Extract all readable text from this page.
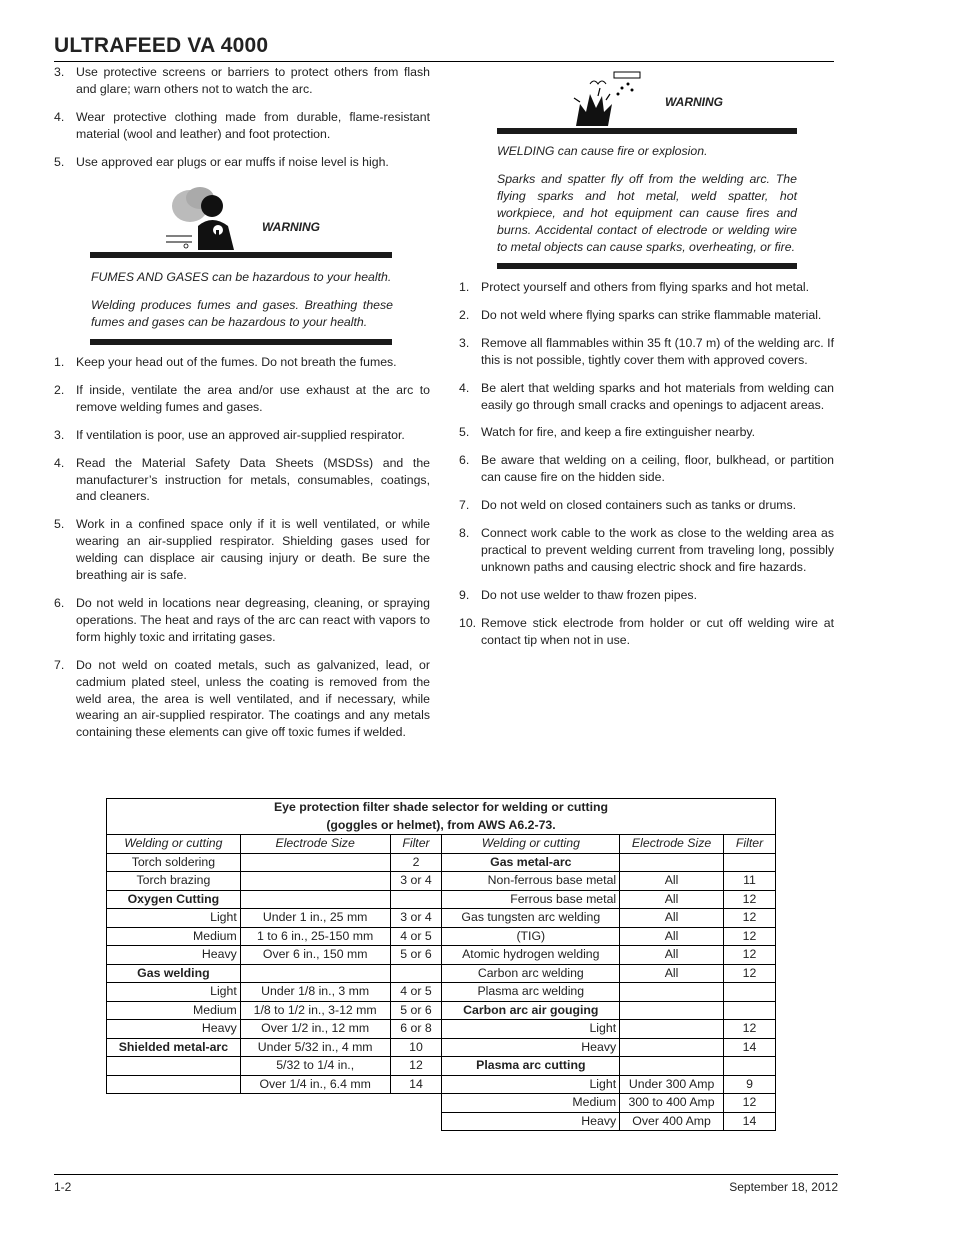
ULTRAFEED VA 4000
3. Use protective screens or barriers to protect others from flash and glare; warn others not to watch the arc.
4. Wear protective clothing made from durable, flame-resistant material (wool and leather) and foot protection.
5. Use approved ear plugs or ear muffs if noise level is high.
WARNING

FUMES AND GASES can be hazardous to your health.

Welding produces fumes and gases. Breathing these fumes and gases can be hazardous to your health.

1. Keep your head out of the fumes. Do not breath the fumes.
2. If inside, ventilate the area and/or use exhaust at the arc to remove welding fumes and gases.
3. If ventilation is poor, use an approved air-supplied respirator.
4. Read the Material Safety Data Sheets (MSDSs) and the manufacturer’s instruction for metals, consumables, coatings, and cleaners.
5. Work in a confined space only if it is well ventilated, or while wearing an air-supplied respirator. Shielding gases used for welding can displace air causing injury or death. Be sure the breathing air is safe.
6. Do not weld in locations near degreasing, cleaning, or spraying operations. The heat and rays of the arc can react with vapors to form highly toxic and irritating gases.
7. Do not weld on coated metals, such as galvanized, lead, or cadmium plated steel, unless the coating is removed from the weld area, the area is well ventilated, and if necessary, while wearing an air-supplied respirator. The coatings and any metals containing these elements can give off toxic fumes if welded.
WARNING

WELDING can cause fire or explosion.

Sparks and spatter fly off from the welding arc. The flying sparks and hot metal, weld spatter, hot workpiece, and hot equipment can cause fires and burns. Accidental contact of electrode or welding wire to metal objects can cause sparks, overheating, or fire.

1. Protect yourself and others from flying sparks and hot metal.
2. Do not weld where flying sparks can strike flammable material.
3. Remove all flammables within 35 ft (10.7 m) of the welding arc. If this is not possible, tightly cover them with approved covers.
4. Be alert that welding sparks and hot materials from welding can easily go through small cracks and openings to adjacent areas.
5. Watch for fire, and keep a fire extinguisher nearby.
6. Be aware that welding on a ceiling, floor, bulkhead, or partition can cause fire on the hidden side.
7. Do not weld on closed containers such as tanks or drums.
8. Connect work cable to the work as close to the welding area as practical to prevent welding current from traveling long, possibly unknown paths and causing electric shock and fire hazards.
9. Do not use welder to thaw frozen pipes.
10. Remove stick electrode from holder or cut off welding wire at contact tip when not in use.
Eye protection filter shade selector for welding or cutting					
(goggles or helmet), from AWS A6.2-73.					
Welding or cutting	Electrode Size	Filter	Welding or cutting	Electrode Size	Filter
Torch soldering		2	Gas metal-arc		
Torch brazing		3 or 4	Non-ferrous base metal	All	11
Oxygen Cutting			Ferrous base metal	All	12
Light	Under 1 in., 25 mm	3 or 4	Gas tungsten arc welding	All	12
Medium	1 to 6 in., 25-150 mm	4 or 5	(TIG)	All	12
Heavy	Over 6 in., 150 mm	5 or 6	Atomic hydrogen welding	All	12
Gas welding			Carbon arc welding	All	12
Light	Under 1/8 in., 3 mm	4 or 5	Plasma arc welding		
Medium	1/8 to 1/2 in., 3-12 mm	5 or 6	Carbon arc air gouging		
Heavy	Over 1/2 in., 12 mm	6 or 8	Light		12
Shielded metal-arc	Under 5/32 in., 4 mm	10	Heavy		14
	5/32 to 1/4 in.,	12	Plasma arc cutting		
	Over 1/4 in., 6.4 mm	14	Light	Under 300 Amp	9
			Medium	300 to 400 Amp	12
			Heavy	Over 400 Amp	14
1-2	September 18, 2012
